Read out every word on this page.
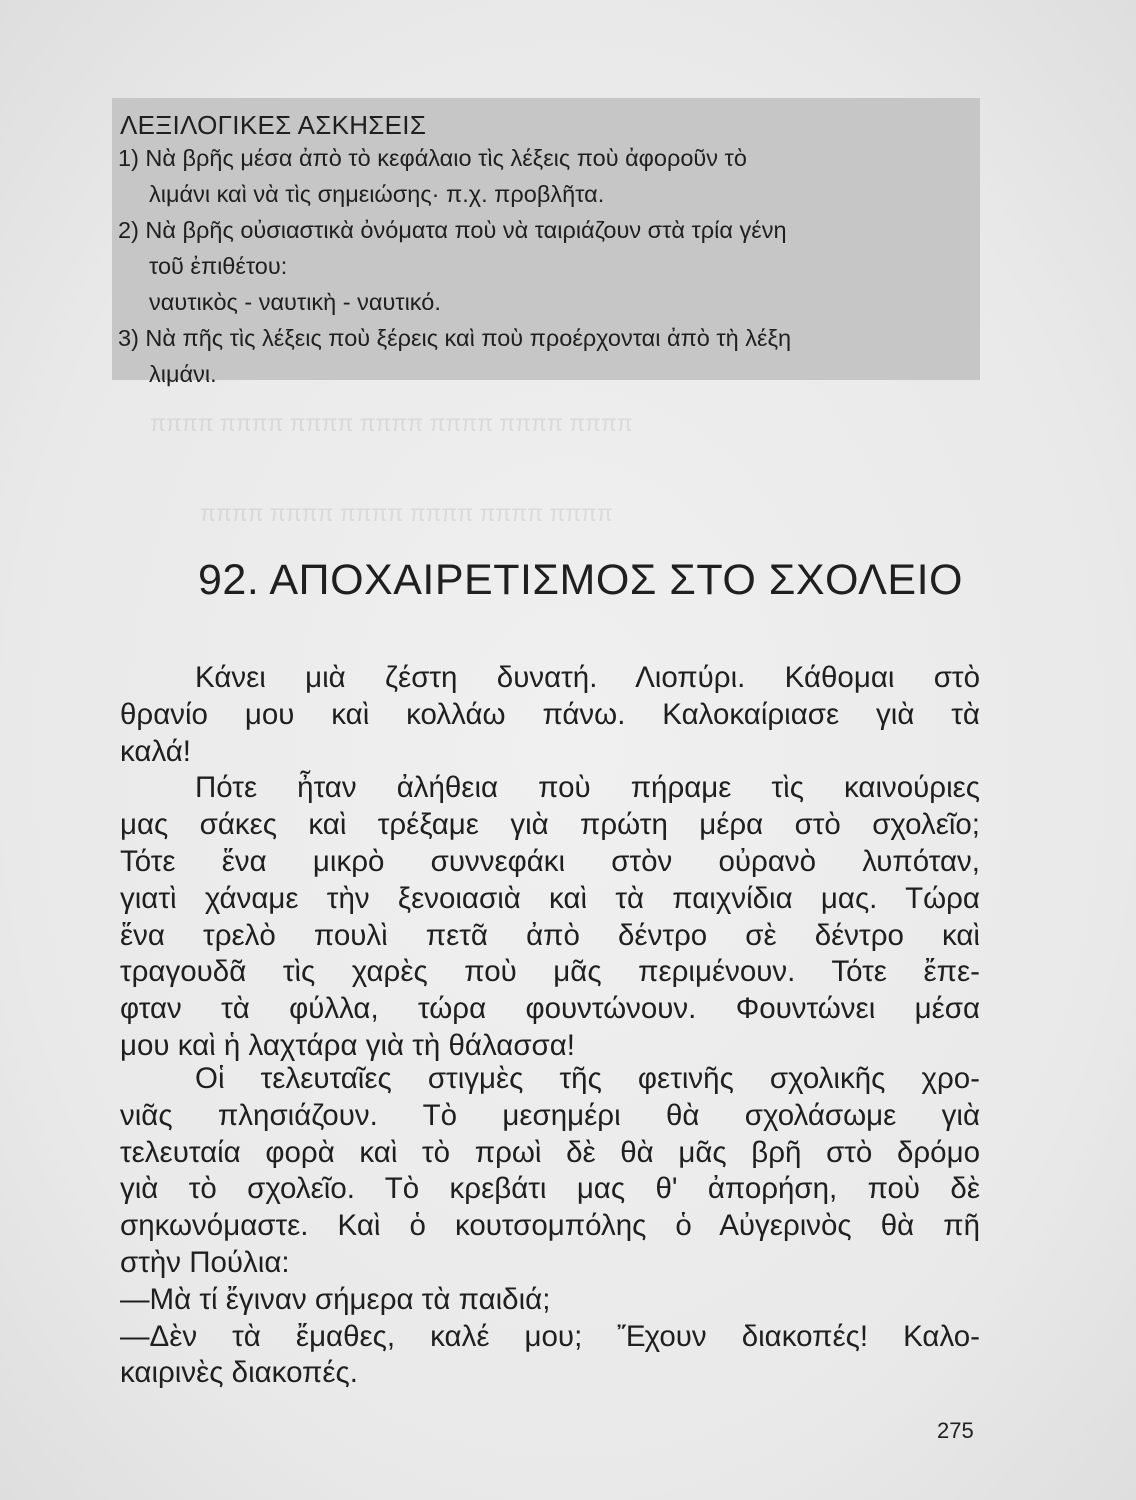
ππππ ππππ ππππ ππππ ππππ ππππ ππππ
ππππ ππππ ππππ ππππ ππππ ππππ
ΛΕΞΙΛΟΓΙΚΕΣ ΑΣΚΗΣΕΙΣ
1) Νὰ βρῆς μέσα ἀπὸ τὸ κεφάλαιο τὶς λέξεις ποὺ ἀφοροῦν τὸ
λιμάνι καὶ νὰ τὶς σημειώσης· π.χ. προβλῆτα.
2) Νὰ βρῆς οὐσιαστικὰ ὀνόματα ποὺ νὰ ταιριάζουν στὰ τρία γένη
τοῦ ἐπιθέτου:
ναυτικὸς - ναυτικὴ - ναυτικό.
3) Νὰ πῆς τὶς λέξεις ποὺ ξέρεις καὶ ποὺ προέρχονται ἀπὸ τὴ λέξη
λιμάνι.
92. ΑΠΟΧΑΙΡΕΤΙΣΜΟΣ ΣΤΟ ΣΧΟΛΕΙΟ
Κάνει μιὰ ζέστη δυνατή. Λιοπύρι. Κάθομαι στὸ
θρανίο μου καὶ κολλάω πάνω. Καλοκαίριασε γιὰ τὰ
καλά!
Πότε ἦταν ἀλήθεια ποὺ πήραμε τὶς καινούριες
μας σάκες καὶ τρέξαμε γιὰ πρώτη μέρα στὸ σχολεῖο;
Τότε ἕνα μικρὸ συννεφάκι στὸν οὐρανὸ λυπόταν,
γιατὶ χάναμε τὴν ξενοιασιὰ καὶ τὰ παιχνίδια μας. Τώρα
ἕνα τρελὸ πουλὶ πετᾶ ἀπὸ δέντρο σὲ δέντρο καὶ
τραγουδᾶ τὶς χαρὲς ποὺ μᾶς περιμένουν. Τότε ἔπε-
φταν τὰ φύλλα, τώρα φουντώνουν. Φουντώνει μέσα
μου καὶ ἡ λαχτάρα γιὰ τὴ θάλασσα!
Οἱ τελευταῖες στιγμὲς τῆς φετινῆς σχολικῆς χρο-
νιᾶς πλησιάζουν. Τὸ μεσημέρι θὰ σχολάσωμε γιὰ
τελευταία φορὰ καὶ τὸ πρωὶ δὲ θὰ μᾶς βρῆ στὸ δρόμο
γιὰ τὸ σχολεῖο. Τὸ κρεβάτι μας θ' ἀπορήση, ποὺ δὲ
σηκωνόμαστε. Καὶ ὁ κουτσομπόλης ὁ Αὐγερινὸς θὰ πῆ
στὴν Πούλια:
—Μὰ τί ἔγιναν σήμερα τὰ παιδιά;
—Δὲν τὰ ἔμαθες, καλέ μου; Ἔχουν διακοπές! Καλο-
καιρινὲς διακοπές.
275
